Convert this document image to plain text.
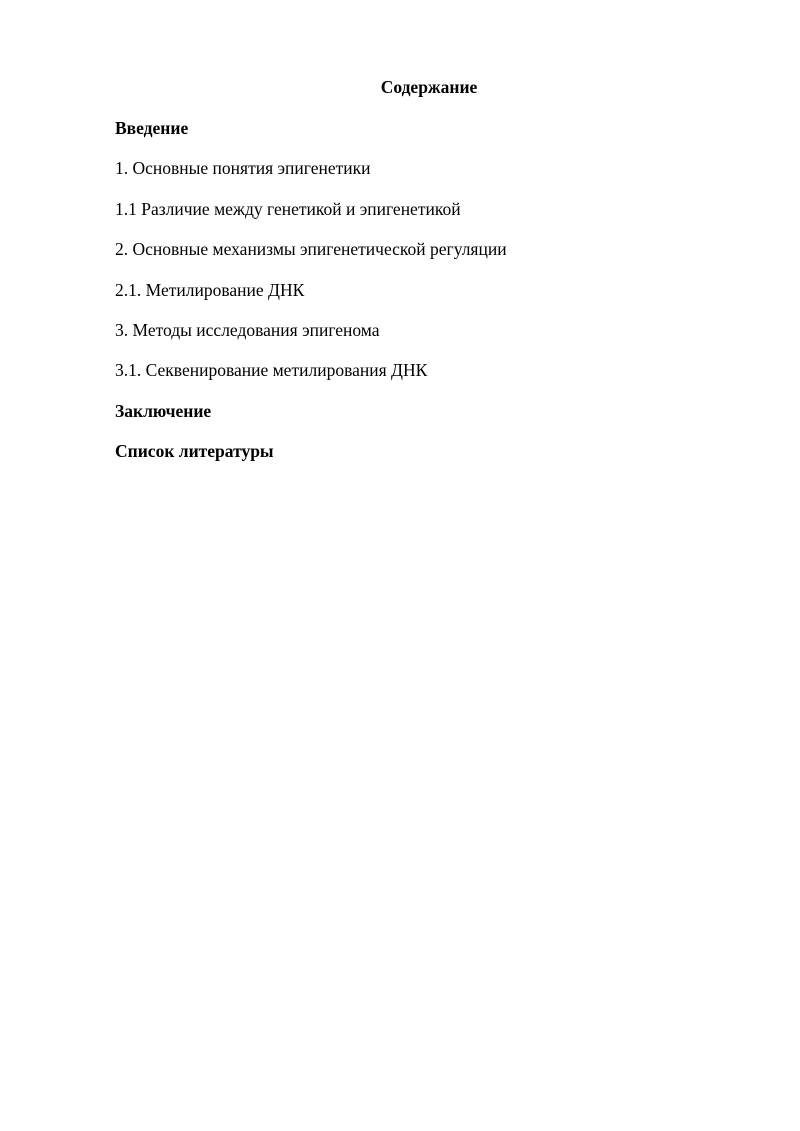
Содержание
Введение
1. Основные понятия эпигенетики
1.1 Различие между генетикой и эпигенетикой
2. Основные механизмы эпигенетической регуляции
2.1. Метилирование ДНК
3. Методы исследования эпигенома
3.1. Секвенирование метилирования ДНК
Заключение
Список литературы
